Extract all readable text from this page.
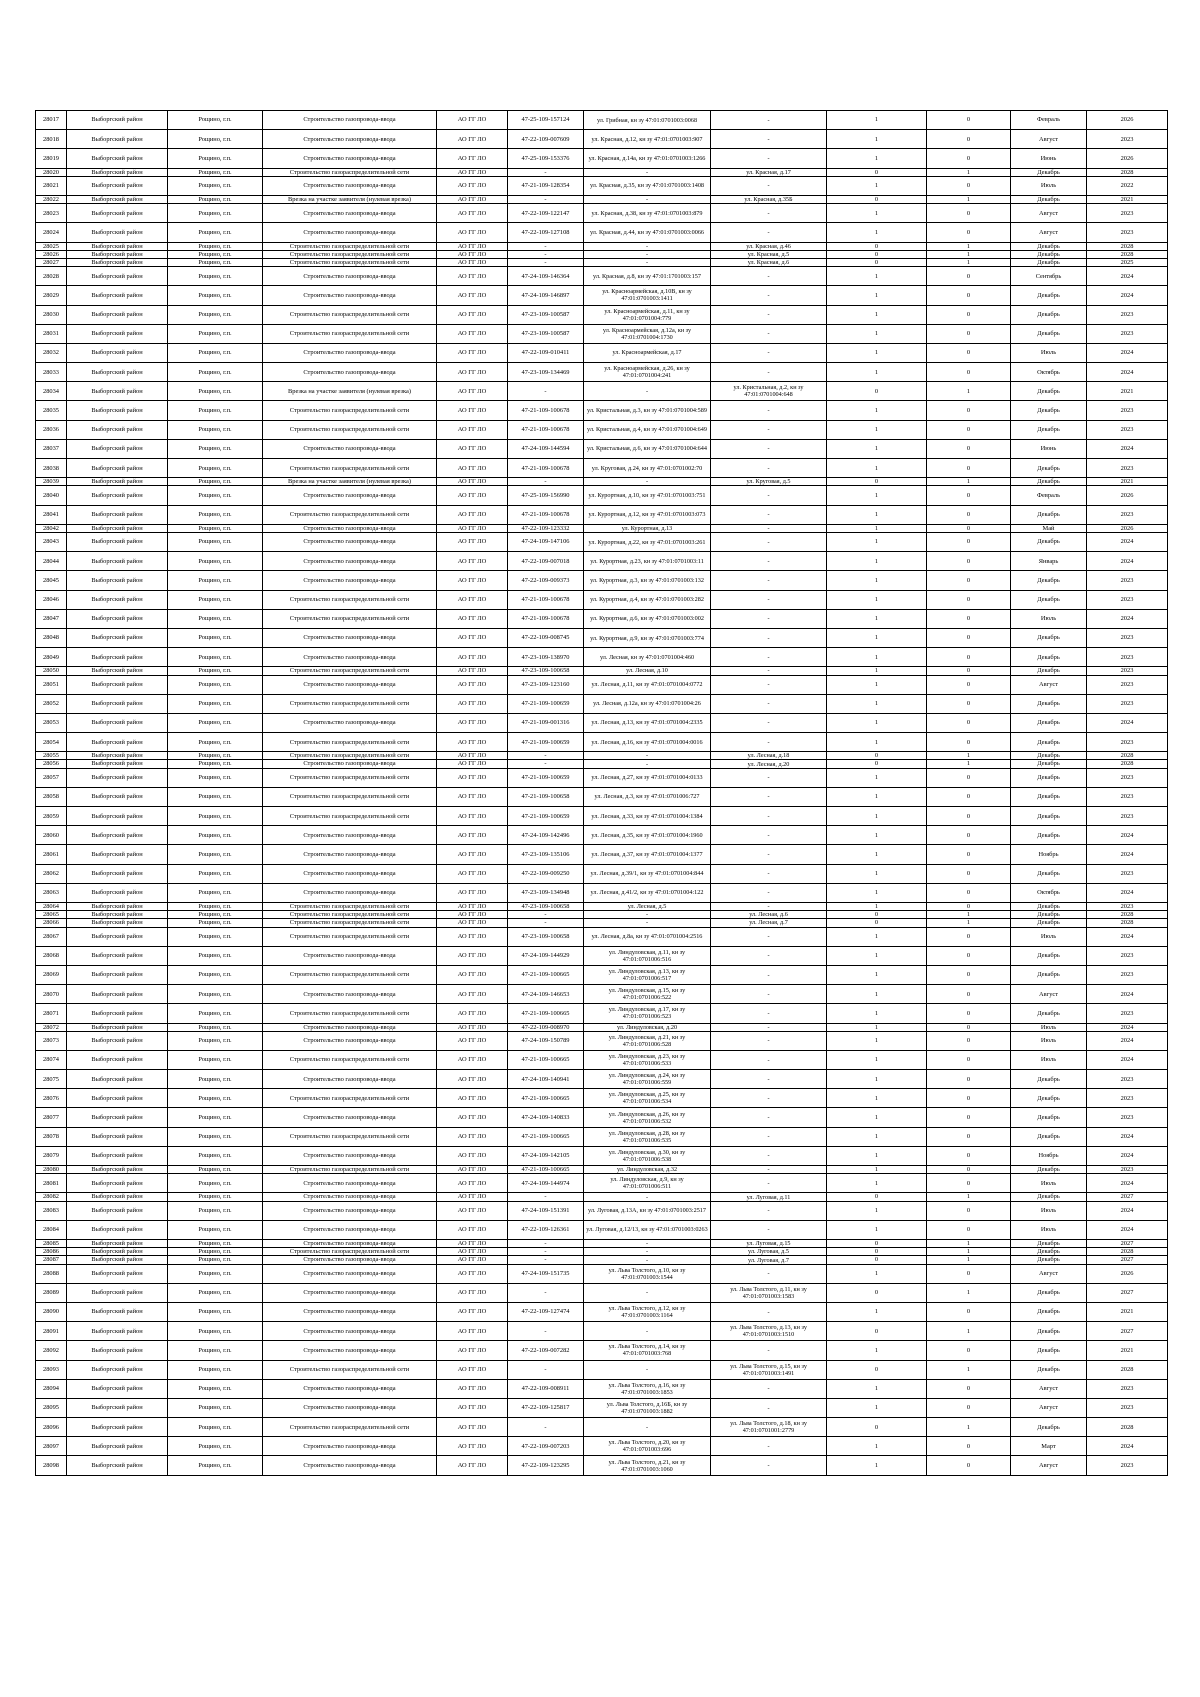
28017	Выборгский район	Рощино, г.п.	Строительство газопровода-ввода	АО ГГ ЛО	47-25-109-157124	ул. Грибная, кн зу 47:01:0701003:0068	-	1	0	Февраль	2026
28018	Выборгский район	Рощино, г.п.	Строительство газопровода-ввода	АО ГГ ЛО	47-22-109-007609	ул. Красная, д.12, кн зу 47:01:0701003:907	-	1	0	Август	2023
28019	Выборгский район	Рощино, г.п.	Строительство газопровода-ввода	АО ГГ ЛО	47-25-109-153376	ул. Красная, д.14а, кн зу 47:01:0701003:1266	-	1	0	Июнь	2026
28020	Выборгский район	Рощино, г.п.	Строительство газораспределительной сети	АО ГГ ЛО	-	-	ул. Красная, д.17	0	1	Декабрь	2028
28021	Выборгский район	Рощино, г.п.	Строительство газопровода-ввода	АО ГГ ЛО	47-21-109-128354	ул. Красная, д.35, кн зу 47:01:0701003:1408	-	1	0	Июль	2022
28022	Выборгский район	Рощино, г.п.	Врезка на участке заявителя (нулевая врезка)	АО ГГ ЛО	-	-	ул. Красная, д.35Б	0	1	Декабрь	2021
28023	Выборгский район	Рощино, г.п.	Строительство газопровода-ввода	АО ГГ ЛО	47-22-109-122147	ул. Красная, д.38, кн зу 47:01:0701003:879	-	1	0	Август	2023
28024	Выборгский район	Рощино, г.п.	Строительство газопровода-ввода	АО ГГ ЛО	47-22-109-127108	ул. Красная, д.44, кн зу 47:01:0701003:0066	-	1	0	Август	2023
28025	Выборгский район	Рощино, г.п.	Строительство газораспределительной сети	АО ГГ ЛО	-	-	ул. Красная, д.46	0	1	Декабрь	2028
28026	Выборгский район	Рощино, г.п.	Строительство газораспределительной сети	АО ГГ ЛО	-	-	ул. Красная, д.5	0	1	Декабрь	2028
28027	Выборгский район	Рощино, г.п.	Строительство газораспределительной сети	АО ГГ ЛО	-	-	ул. Красная, д.6	0	1	Декабрь	2025
28028	Выборгский район	Рощино, г.п.	Строительство газопровода-ввода	АО ГГ ЛО	47-24-109-146364	ул. Красная, д.8, кн зу 47:01:1701003:157	-	1	0	Сентябрь	2024
28029	Выборгский район	Рощино, г.п.	Строительство газопровода-ввода	АО ГГ ЛО	47-24-109-146897	ул. Красноармейская, д.10В, кн зу 47:01:0701003:1411	-	1	0	Декабрь	2024
28030	Выборгский район	Рощино, г.п.	Строительство газораспределительной сети	АО ГГ ЛО	47-23-109-100587	ул. Красноармейская, д.11, кн зу 47:01:0701004:779	-	1	0	Декабрь	2023
28031	Выборгский район	Рощино, г.п.	Строительство газораспределительной сети	АО ГГ ЛО	47-23-109-100587	ул. Красноармейская, д.12а, кн зу 47:01:0701004:1730	-	1	0	Декабрь	2023
28032	Выборгский район	Рощино, г.п.	Строительство газопровода-ввода	АО ГГ ЛО	47-22-109-010411	ул. Красноармейская, д.17	-	1	0	Июль	2024
28033	Выборгский район	Рощино, г.п.	Строительство газопровода-ввода	АО ГГ ЛО	47-23-109-134469	ул. Красноармейская, д.26, кн зу 47:01:0701004:241	-	1	0	Октябрь	2024
28034	Выборгский район	Рощино, г.п.	Врезка на участке заявителя (нулевая врезка)	АО ГГ ЛО	-	-	ул. Кристальная, д.2, кн зу 47:01:0701004:648	0	1	Декабрь	2021
28035	Выборгский район	Рощино, г.п.	Строительство газораспределительной сети	АО ГГ ЛО	47-21-109-100678	ул. Кристальная, д.3, кн зу 47:01:0701004:589	-	1	0	Декабрь	2023
28036	Выборгский район	Рощино, г.п.	Строительство газораспределительной сети	АО ГГ ЛО	47-21-109-100678	ул. Кристальная, д.4, кн зу 47:01:0701004:649	-	1	0	Декабрь	2023
28037	Выборгский район	Рощино, г.п.	Строительство газопровода-ввода	АО ГГ ЛО	47-24-109-144594	ул. Кристальная, д.6, кн зу 47:01:0701004:644	-	1	0	Июнь	2024
28038	Выборгский район	Рощино, г.п.	Строительство газораспределительной сети	АО ГГ ЛО	47-21-109-100678	ул. Круговая, д.24, кн зу 47:01:0701002:70	-	1	0	Декабрь	2023
28039	Выборгский район	Рощино, г.п.	Врезка на участке заявителя (нулевая врезка)	АО ГГ ЛО	-	-	ул. Круговая, д.5	0	1	Декабрь	2021
28040	Выборгский район	Рощино, г.п.	Строительство газопровода-ввода	АО ГГ ЛО	47-25-109-156990	ул. Курортная, д.10, кн зу 47:01:0701003:751	-	1	0	Февраль	2026
28041	Выборгский район	Рощино, г.п.	Строительство газораспределительной сети	АО ГГ ЛО	47-21-109-100678	ул. Курортная, д.12, кн зу 47:01:0701003:073	-	1	0	Декабрь	2023
28042	Выборгский район	Рощино, г.п.	Строительство газопровода-ввода	АО ГГ ЛО	47-22-109-123332	ул. Курортная, д.13	-	1	0	Май	2026
28043	Выборгский район	Рощино, г.п.	Строительство газопровода-ввода	АО ГГ ЛО	47-24-109-147106	ул. Курортная, д.22, кн зу 47:01:0701003:261	-	1	0	Декабрь	2024
28044	Выборгский район	Рощино, г.п.	Строительство газопровода-ввода	АО ГГ ЛО	47-22-109-007018	ул. Курортная, д.23, кн зу 47:01:0701003:11	-	1	0	Январь	2024
28045	Выборгский район	Рощино, г.п.	Строительство газопровода-ввода	АО ГГ ЛО	47-22-109-009373	ул. Курортная, д.3, кн зу 47:01:0701003:132	-	1	0	Декабрь	2023
28046	Выборгский район	Рощино, г.п.	Строительство газораспределительной сети	АО ГГ ЛО	47-21-109-100678	ул. Курортная, д.4, кн зу 47:01:0701003:282	-	1	0	Декабрь	2023
28047	Выборгский район	Рощино, г.п.	Строительство газораспределительной сети	АО ГГ ЛО	47-21-109-100678	ул. Курортная, д.6, кн зу 47:01:0701003:002	-	1	0	Июль	2024
28048	Выборгский район	Рощино, г.п.	Строительство газопровода-ввода	АО ГГ ЛО	47-22-109-008745	ул. Курортная, д.9, кн зу 47:01:0701003:774	-	1	0	Декабрь	2023
28049	Выборгский район	Рощино, г.п.	Строительство газопровода-ввода	АО ГГ ЛО	47-23-109-138970	ул. Лесная, кн зу 47:01:0701004:460	-	1	0	Декабрь	2023
28050	Выборгский район	Рощино, г.п.	Строительство газораспределительной сети	АО ГГ ЛО	47-23-109-100658	ул. Лесная, д.10	-	1	0	Декабрь	2023
28051	Выборгский район	Рощино, г.п.	Строительство газопровода-ввода	АО ГГ ЛО	47-23-109-123160	ул. Лесная, д.11, кн зу 47:01:0701004:0772	-	1	0	Август	2023
28052	Выборгский район	Рощино, г.п.	Строительство газораспределительной сети	АО ГГ ЛО	47-21-109-100659	ул. Лесная, д.12а, кн зу 47:01:0701004:26	-	1	0	Декабрь	2023
28053	Выборгский район	Рощино, г.п.	Строительство газопровода-ввода	АО ГГ ЛО	47-21-109-001316	ул. Лесная, д.13, кн зу 47:01:0701004:2335	-	1	0	Декабрь	2024
28054	Выборгский район	Рощино, г.п.	Строительство газораспределительной сети	АО ГГ ЛО	47-21-109-100659	ул. Лесная, д.16, кн зу 47:01:0701004:0016	-	1	0	Декабрь	2023
28055	Выборгский район	Рощино, г.п.	Строительство газораспределительной сети	АО ГГ ЛО	-	-	ул. Лесная, д.18	0	1	Декабрь	2028
28056	Выборгский район	Рощино, г.п.	Строительство газопровода-ввода	АО ГГ ЛО	-	-	ул. Лесная, д.20	0	1	Декабрь	2028
28057	Выборгский район	Рощино, г.п.	Строительство газораспределительной сети	АО ГГ ЛО	47-21-109-100659	ул. Лесная, д.27, кн зу 47:01:0701004:0133	-	1	0	Декабрь	2023
28058	Выборгский район	Рощино, г.п.	Строительство газораспределительной сети	АО ГГ ЛО	47-21-109-100658	ул. Лесная, д.3, кн зу 47:01:0701006:727	-	1	0	Декабрь	2023
28059	Выборгский район	Рощино, г.п.	Строительство газораспределительной сети	АО ГГ ЛО	47-21-109-100659	ул. Лесная, д.33, кн зу 47:01:0701004:1384	-	1	0	Декабрь	2023
28060	Выборгский район	Рощино, г.п.	Строительство газопровода-ввода	АО ГГ ЛО	47-24-109-142496	ул. Лесная, д.35, кн зу 47:01:0701004:1960	-	1	0	Декабрь	2024
28061	Выборгский район	Рощино, г.п.	Строительство газопровода-ввода	АО ГГ ЛО	47-23-109-135106	ул. Лесная, д.37, кн зу 47:01:0701004:1377	-	1	0	Ноябрь	2024
28062	Выборгский район	Рощино, г.п.	Строительство газопровода-ввода	АО ГГ ЛО	47-22-109-009250	ул. Лесная, д.39/1, кн зу 47:01:0701004:844	-	1	0	Декабрь	2023
28063	Выборгский район	Рощино, г.п.	Строительство газопровода-ввода	АО ГГ ЛО	47-23-109-134948	ул. Лесная, д.41/2, кн зу 47:01:0701004:122	-	1	0	Октябрь	2024
28064	Выборгский район	Рощино, г.п.	Строительство газораспределительной сети	АО ГГ ЛО	47-23-109-100658	ул. Лесная, д.5	-	1	0	Декабрь	2023
28065	Выборгский район	Рощино, г.п.	Строительство газораспределительной сети	АО ГГ ЛО	-	-	ул. Лесная, д.6	0	1	Декабрь	2028
28066	Выборгский район	Рощино, г.п.	Строительство газораспределительной сети	АО ГГ ЛО	-	-	ул. Лесная, д.7	0	1	Декабрь	2028
28067	Выборгский район	Рощино, г.п.	Строительство газораспределительной сети	АО ГГ ЛО	47-23-109-100658	ул. Лесная, д.8а, кн зу 47:01:0701004:2516	-	1	0	Июль	2024
28068	Выборгский район	Рощино, г.п.	Строительство газопровода-ввода	АО ГГ ЛО	47-24-109-144929	ул. Линдуловская, д.11, кн зу 47:01:0701006:516	-	1	0	Декабрь	2023
28069	Выборгский район	Рощино, г.п.	Строительство газораспределительной сети	АО ГГ ЛО	47-21-109-100665	ул. Линдуловская, д.13, кн зу 47:01:0701006:517	-	1	0	Декабрь	2023
28070	Выборгский район	Рощино, г.п.	Строительство газопровода-ввода	АО ГГ ЛО	47-24-109-146653	ул. Линдуловская, д.15, кн зу 47:01:0701006:522	-	1	0	Август	2024
28071	Выборгский район	Рощино, г.п.	Строительство газораспределительной сети	АО ГГ ЛО	47-21-109-100665	ул. Линдуловская, д.17, кн зу 47:01:0701006:523	-	1	0	Декабрь	2023
28072	Выборгский район	Рощино, г.п.	Строительство газопровода-ввода	АО ГГ ЛО	47-22-109-008970	ул. Линдуловская, д.20	-	1	0	Июль	2024
28073	Выборгский район	Рощино, г.п.	Строительство газопровода-ввода	АО ГГ ЛО	47-24-109-150789	ул. Линдуловская, д.21, кн зу 47:01:0701006:528	-	1	0	Июль	2024
28074	Выборгский район	Рощино, г.п.	Строительство газораспределительной сети	АО ГГ ЛО	47-21-109-100665	ул. Линдуловская, д.23, кн зу 47:01:0701006:533	-	1	0	Июль	2024
28075	Выборгский район	Рощино, г.п.	Строительство газопровода-ввода	АО ГГ ЛО	47-24-109-140941	ул. Линдуловская, д.24, кн зу 47:01:0701006:559	-	1	0	Декабрь	2023
28076	Выборгский район	Рощино, г.п.	Строительство газораспределительной сети	АО ГГ ЛО	47-21-109-100665	ул. Линдуловская, д.25, кн зу 47:01:0701006:534	-	1	0	Декабрь	2023
28077	Выборгский район	Рощино, г.п.	Строительство газопровода-ввода	АО ГГ ЛО	47-24-109-140833	ул. Линдуловская, д.26, кн зу 47:01:0701006:532	-	1	0	Декабрь	2023
28078	Выборгский район	Рощино, г.п.	Строительство газораспределительной сети	АО ГГ ЛО	47-21-109-100665	ул. Линдуловская, д.28, кн зу 47:01:0701006:535	-	1	0	Декабрь	2024
28079	Выборгский район	Рощино, г.п.	Строительство газопровода-ввода	АО ГГ ЛО	47-24-109-142105	ул. Линдуловская, д.30, кн зу 47:01:0701006:538	-	1	0	Ноябрь	2024
28080	Выборгский район	Рощино, г.п.	Строительство газораспределительной сети	АО ГГ ЛО	47-21-109-100665	ул. Линдуловская, д.32	-	1	0	Декабрь	2023
28081	Выборгский район	Рощино, г.п.	Строительство газопровода-ввода	АО ГГ ЛО	47-24-109-144974	ул. Линдуловская, д.9, кн зу 47:01:0701006:511	-	1	0	Июль	2024
28082	Выборгский район	Рощино, г.п.	Строительство газопровода-ввода	АО ГГ ЛО	-	-	ул. Луговая, д.11	0	1	Декабрь	2027
28083	Выборгский район	Рощино, г.п.	Строительство газопровода-ввода	АО ГГ ЛО	47-24-109-151391	ул. Луговая, д.13А, кн зу 47:01:0701003:2517	-	1	0	Июль	2024
28084	Выборгский район	Рощино, г.п.	Строительство газопровода-ввода	АО ГГ ЛО	47-22-109-126361	ул. Луговая, д.12/13, кн зу 47:01:0701003:0263	-	1	0	Июль	2024
28085	Выборгский район	Рощино, г.п.	Строительство газопровода-ввода	АО ГГ ЛО	-	-	ул. Луговая, д.15	0	1	Декабрь	2027
28086	Выборгский район	Рощино, г.п.	Строительство газораспределительной сети	АО ГГ ЛО	-	-	ул. Луговая, д.5	0	1	Декабрь	2028
28087	Выборгский район	Рощино, г.п.	Строительство газопровода-ввода	АО ГГ ЛО	-	-	ул. Луговая, д.7	0	1	Декабрь	2027
28088	Выборгский район	Рощино, г.п.	Строительство газопровода-ввода	АО ГГ ЛО	47-24-109-151735	ул. Льва Толстого, д.10, кн зу 47:01:0701003:1544	-	1	0	Август	2026
28089	Выборгский район	Рощино, г.п.	Строительство газопровода-ввода	АО ГГ ЛО	-	-	ул. Льва Толстого, д.11, кн зу 47:01:0701003:1583	0	1	Декабрь	2027
28090	Выборгский район	Рощино, г.п.	Строительство газопровода-ввода	АО ГГ ЛО	47-22-109-127474	ул. Льва Толстого, д.12, кн зу 47:01:0701003:1164	-	1	0	Декабрь	2021
28091	Выборгский район	Рощино, г.п.	Строительство газопровода-ввода	АО ГГ ЛО	-	-	ул. Льва Толстого, д.13, кн зу 47:01:0701003:1510	0	1	Декабрь	2027
28092	Выборгский район	Рощино, г.п.	Строительство газопровода-ввода	АО ГГ ЛО	47-22-109-007282	ул. Льва Толстого, д.14, кн зу 47:01:0701003:768	-	1	0	Декабрь	2021
28093	Выборгский район	Рощино, г.п.	Строительство газораспределительной сети	АО ГГ ЛО	-	-	ул. Льва Толстого, д.15, кн зу 47:01:0701003:1491	0	1	Декабрь	2028
28094	Выборгский район	Рощино, г.п.	Строительство газопровода-ввода	АО ГГ ЛО	47-22-109-008911	ул. Льва Толстого, д.16, кн зу 47:01:0701003:1853	-	1	0	Август	2023
28095	Выборгский район	Рощино, г.п.	Строительство газопровода-ввода	АО ГГ ЛО	47-22-109-125817	ул. Льва Толстого, д.16Б, кн зу 47:01:0701003:1882	-	1	0	Август	2023
28096	Выборгский район	Рощино, г.п.	Строительство газораспределительной сети	АО ГГ ЛО	-	-	ул. Льва Толстого, д.18, кн зу 47:01:0701001:2779	0	1	Декабрь	2028
28097	Выборгский район	Рощино, г.п.	Строительство газопровода-ввода	АО ГГ ЛО	47-22-109-007203	ул. Льва Толстого, д.20, кн зу 47:01:0701003:696	-	1	0	Март	2024
28098	Выборгский район	Рощино, г.п.	Строительство газопровода-ввода	АО ГГ ЛО	47-22-109-123295	ул. Льва Толстого, д.21, кн зу 47:01:0701003:1060	-	1	0	Август	2023
